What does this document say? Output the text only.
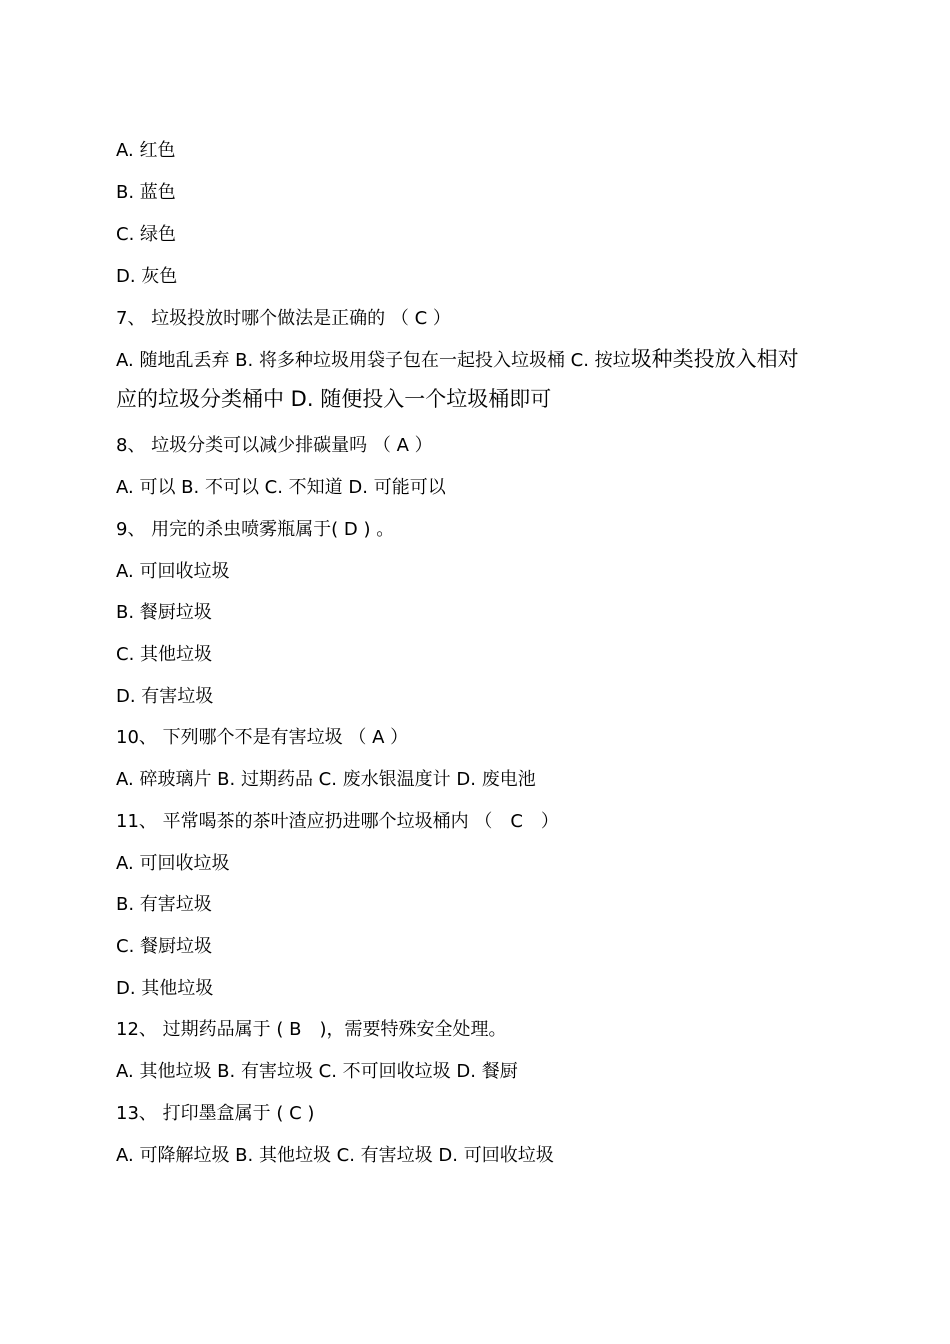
A. 红色
B. 蓝色
C. 绿色
D. 灰色
7、 垃圾投放时哪个做法是正确的 （ C ）
A. 随地乱丢弃 B. 将多种垃圾用袋子包在一起投入垃圾桶 C. 按垃圾种类投放入相对
应的垃圾分类桶中 D. 随便投入一个垃圾桶即可
8、 垃圾分类可以减少排碳量吗 （ A ）
A. 可以 B. 不可以 C. 不知道 D. 可能可以
9、 用完的杀虫喷雾瓶属于( D ) 。
A. 可回收垃圾
B. 餐厨垃圾
C. 其他垃圾
D. 有害垃圾
10、 下列哪个不是有害垃圾 （ A ）
A. 碎玻璃片 B. 过期药品 C. 废水银温度计 D. 废电池
11、 平常喝茶的茶叶渣应扔进哪个垃圾桶内 （　C　）
A. 可回收垃圾
B. 有害垃圾
C. 餐厨垃圾
D. 其他垃圾
12、 过期药品属于 ( B　)，需要特殊安全处理。
A. 其他垃圾 B. 有害垃圾 C. 不可回收垃圾 D. 餐厨
13、 打印墨盒属于 ( C )
A. 可降解垃圾 B. 其他垃圾 C. 有害垃圾 D. 可回收垃圾
